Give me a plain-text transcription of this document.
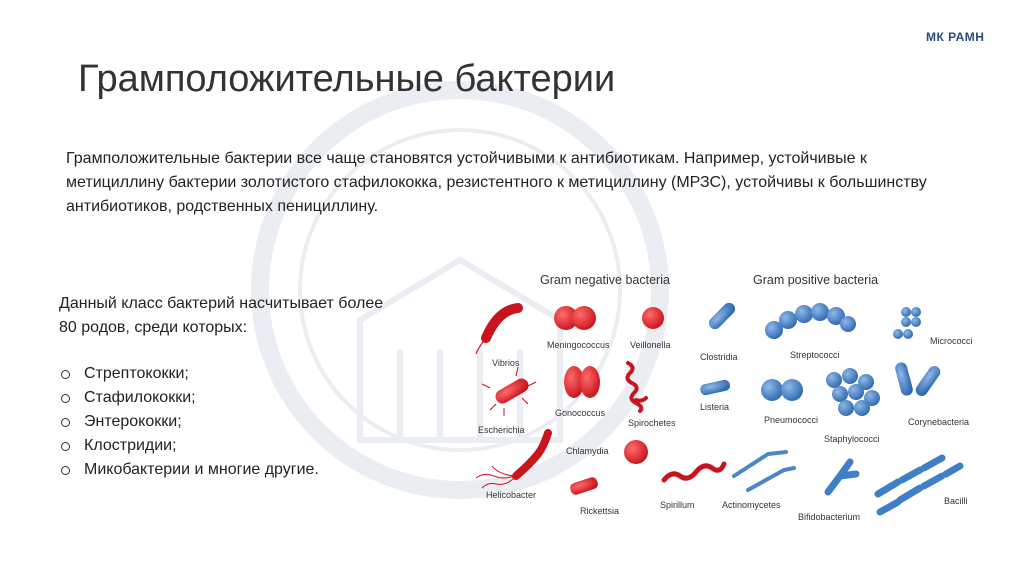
МК РАМН
Грамположительные бактерии

Грамположительные бактерии все чаще становятся устойчивыми к антибиотикам. Например, устойчивые к метициллину бактерии золотистого стафилококка, резистентного к метициллину (МРЗС), устойчивы к большинству антибиотиков, родственных пенициллину.

Данный класс бактерий насчитывает более 80 родов, среди которых:

Стрептококки;
Стафилококки;
Энтерококки;
Клостридии;
Микобактерии и многие другие.
Gram negative bacteria	Gram positive bacteria
Vibrios
Meningococcus Veillonella
Escherichia
Gonococcus
Spirochetes
Helicobacter
Chlamydia
Rickettsia
Spirillum
Clostridia	Streptococci
Micrococci
Listeria
Pneumococci
Staphylococci
Corynebacteria
Actinomycetes
Bifidobacterium
Bacilli
